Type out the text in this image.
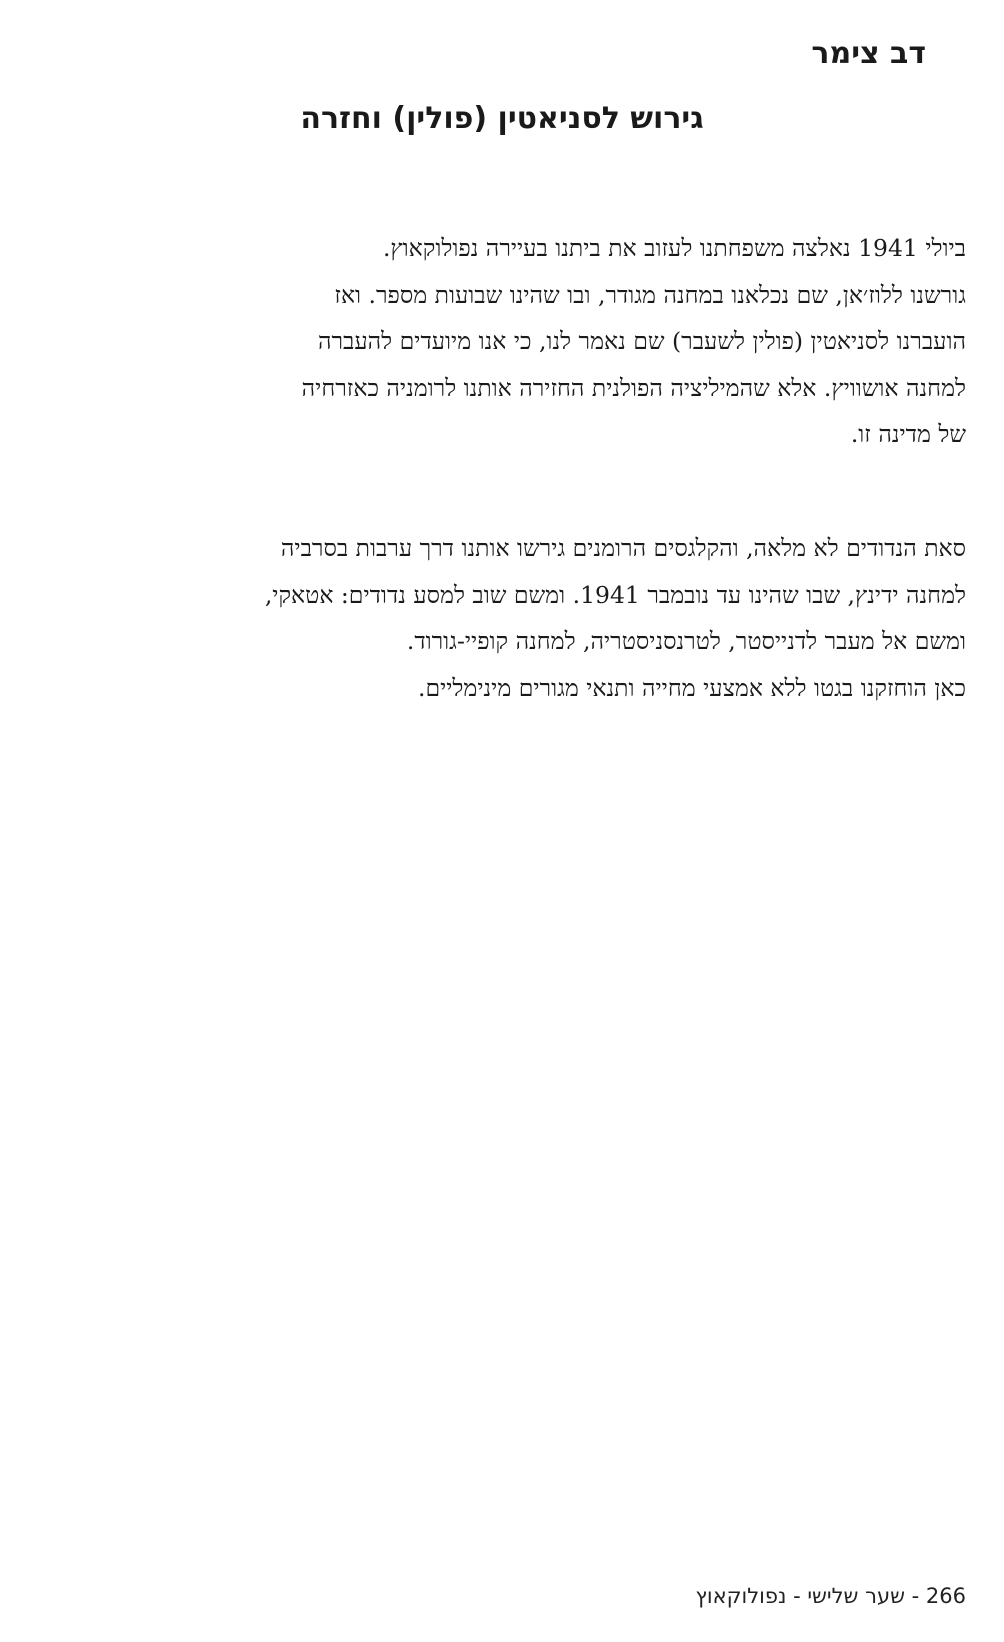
דב צימר
גירוש לסניאטין (פולין) וחזרה
ביולי 1941 נאלצה משפחתנו לעזוב את ביתנו בעיירה נפולוקאוץ.
גורשנו ללוז׳אן, שם נכלאנו במחנה מגודר, ובו שהינו שבועות מספר. ואז
הועברנו לסניאטין (פולין לשעבר) שם נאמר לנו, כי אנו מיועדים להעברה
למחנה אושוויץ. אלא שהמיליציה הפולנית החזירה אותנו לרומניה כאזרחיה
של מדינה זו.
סאת הנדודים לא מלאה, והקלגסים הרומנים גירשו אותנו דרך ערבות בסרביה
למחנה ידינץ, שבו שהינו עד נובמבר 1941. ומשם שוב למסע נדודים: אטאקי,
ומשם אל מעבר לדנייסטר, לטרנסניסטריה, למחנה קופיי-גורוד.
כאן הוחזקנו בגטו ללא אמצעי מחייה ותנאי מגורים מינימליים.

266 - שער שלישי - נפולוקאוץ
